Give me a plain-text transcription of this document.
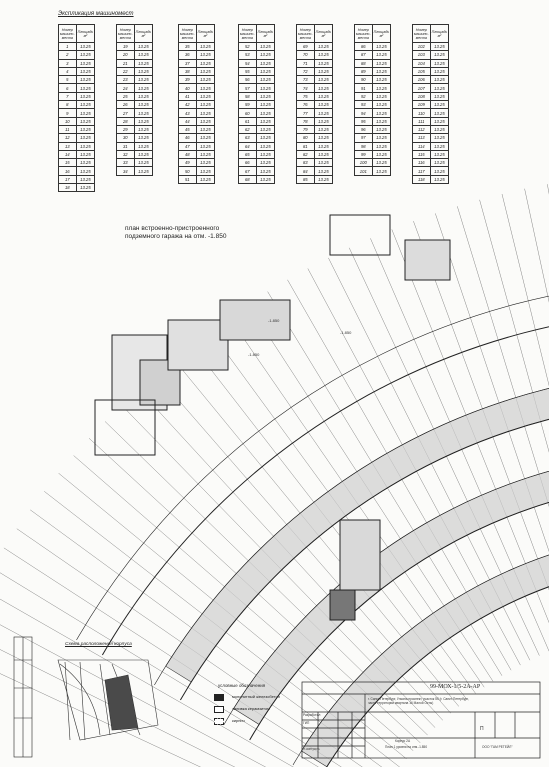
Экспликация машиномест
Номер машино-места	Площадь м²
1	13.25
2	13.25
3	13.25
4	13.25
5	13.25
6	13.25
7	13.25
8	13.25
9	13.25
10	13.25
11	13.25
12	13.25
13	13.25
14	13.25
15	13.25
16	13.25
17	13.25
18	13.25
Номер машино-места	Площадь м²
19	13.25
20	13.25
21	13.25
22	13.25
23	13.25
24	13.25
25	13.25
26	13.25
27	13.25
28	13.25
29	13.25
30	13.25
31	13.25
32	13.25
33	13.25
34	13.25
Номер машино-места	Площадь м²
35	13.25
36	13.25
37	13.25
38	13.25
39	13.25
40	13.25
41	13.25
42	13.25
43	13.25
44	13.25
45	13.25
46	13.25
47	13.25
48	13.25
49	13.25
50	13.25
51	13.25
Номер машино-места	Площадь м²
52	13.25
53	13.25
54	13.25
55	13.25
56	13.25
57	13.25
58	13.25
59	13.25
60	13.25
61	13.25
62	13.25
63	13.25
64	13.25
65	13.25
66	13.25
67	13.25
68	13.25
Номер машино-места	Площадь м²
69	13.25
70	13.25
71	13.25
72	13.25
73	13.25
74	13.25
75	13.25
76	13.25
77	13.25
78	13.25
79	13.25
80	13.25
81	13.25
82	13.25
83	13.25
84	13.25
85	13.25
Номер машино-места	Площадь м²
86	13.25
87	13.25
88	13.25
89	13.25
90	13.25
91	13.25
92	13.25
93	13.25
94	13.25
95	13.25
96	13.25
97	13.25
98	13.25
99	13.25
100	13.25
101	13.25
Номер машино-места	Площадь м²
102	13.25
103	13.25
104	13.25
105	13.25
106	13.25
107	13.25
108	13.25
109	13.25
110	13.25
111	13.25
112	13.25
113	13.25
114	13.25
115	13.25
116	13.25
117	13.25
118	13.25
план встроенно-пристроенного подземного гаража на отм. -1.850
-1.850
-1.850
-1.850
Схема расположения корпуса
условные обозначения
монолитный железобетон
заливка керамзитом
кирпич
99-МОХ-1/5-2А-АР
г. Санкт-Петербург, Ульяна проспект, участок 50 (г. Санкт-Петербург, часть территории квартала 16 Малой Охты)
Корпус 2А
План 1 уровня на отм.-1.850
П
ООО "ГАМ РЕТЕЙЛ"
Разработал
ГИП
Н.контроль
